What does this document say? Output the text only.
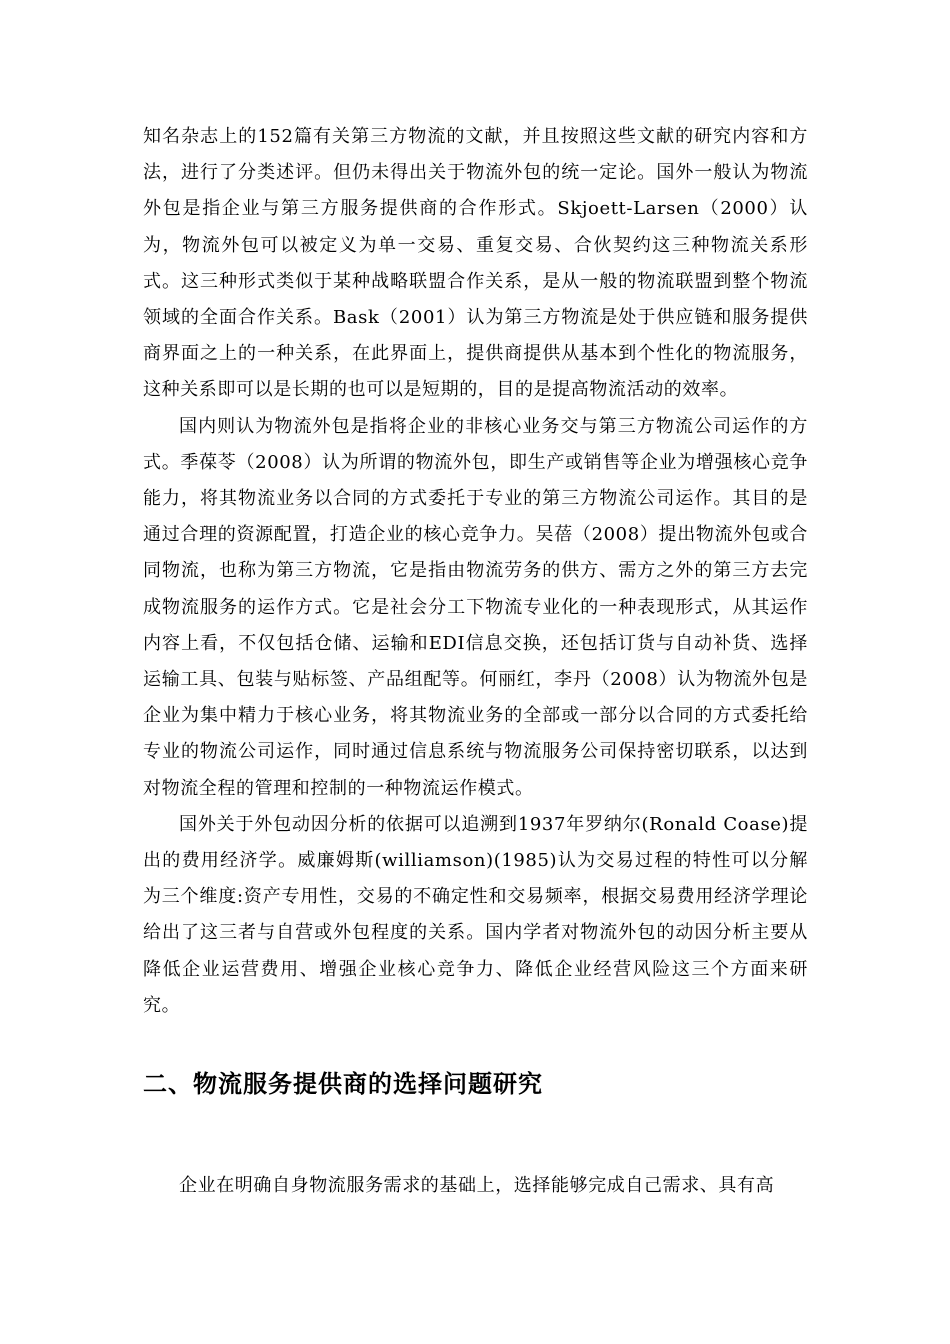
知名杂志上的152篇有关第三方物流的文献，并且按照这些文献的研究内容和方法，进行了分类述评。但仍未得出关于物流外包的统一定论。国外一般认为物流外包是指企业与第三方服务提供商的合作形式。Skjoett-Larsen（2000）认为，物流外包可以被定义为单一交易、重复交易、合伙契约这三种物流关系形式。这三种形式类似于某种战略联盟合作关系，是从一般的物流联盟到整个物流领域的全面合作关系。Bask（2001）认为第三方物流是处于供应链和服务提供商界面之上的一种关系，在此界面上，提供商提供从基本到个性化的物流服务，这种关系即可以是长期的也可以是短期的，目的是提高物流活动的效率。

国内则认为物流外包是指将企业的非核心业务交与第三方物流公司运作的方式。季葆苓（2008）认为所谓的物流外包，即生产或销售等企业为增强核心竞争能力，将其物流业务以合同的方式委托于专业的第三方物流公司运作。其目的是通过合理的资源配置，打造企业的核心竞争力。吴蓓（2008）提出物流外包或合同物流，也称为第三方物流，它是指由物流劳务的供方、需方之外的第三方去完成物流服务的运作方式。它是社会分工下物流专业化的一种表现形式，从其运作内容上看，不仅包括仓储、运输和EDI信息交换，还包括订货与自动补货、选择运输工具、包装与贴标签、产品组配等。何丽红，李丹（2008）认为物流外包是企业为集中精力于核心业务，将其物流业务的全部或一部分以合同的方式委托给专业的物流公司运作，同时通过信息系统与物流服务公司保持密切联系，以达到对物流全程的管理和控制的一种物流运作模式。

国外关于外包动因分析的依据可以追溯到1937年罗纳尔(Ronald Coase)提出的费用经济学。威廉姆斯(williamson)(1985)认为交易过程的特性可以分解为三个维度:资产专用性，交易的不确定性和交易频率，根据交易费用经济学理论给出了这三者与自营或外包程度的关系。国内学者对物流外包的动因分析主要从降低企业运营费用、增强企业核心竞争力、降低企业经营风险这三个方面来研究。

二、物流服务提供商的选择问题研究

企业在明确自身物流服务需求的基础上，选择能够完成自己需求、具有高
